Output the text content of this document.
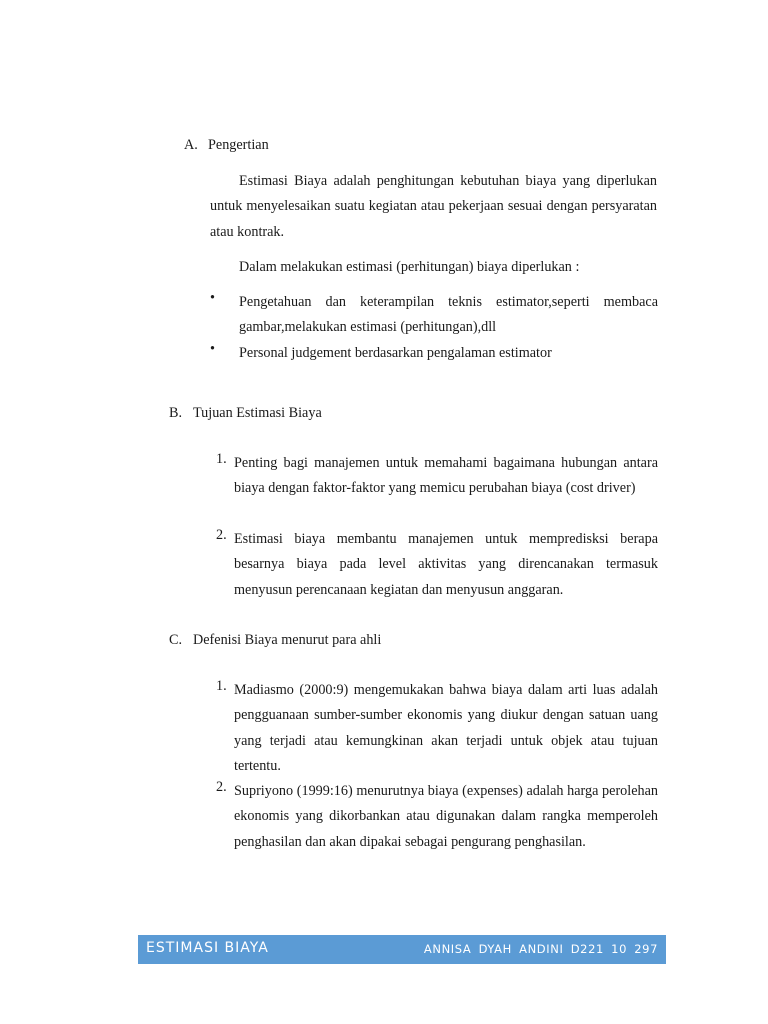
A. Pengertian

Estimasi Biaya adalah penghitungan kebutuhan biaya yang diperlukan untuk menyelesaikan suatu kegiatan atau pekerjaan sesuai dengan persyaratan atau kontrak.

Dalam melakukan estimasi (perhitungan) biaya diperlukan :

• Pengetahuan dan keterampilan teknis estimator,seperti membaca gambar,melakukan estimasi (perhitungan),dll
• Personal judgement berdasarkan pengalaman estimator
B. Tujuan Estimasi Biaya
1. Penting bagi manajemen untuk memahami bagaimana hubungan antara biaya dengan faktor-faktor yang memicu perubahan biaya (cost driver)
2. Estimasi biaya membantu manajemen untuk mempredisksi berapa besarnya biaya pada level aktivitas yang direncanakan termasuk menyusun perencanaan kegiatan dan menyusun anggaran.
C. Defenisi Biaya menurut para ahli
1. Madiasmo (2000:9) mengemukakan bahwa biaya dalam arti luas adalah pengguanaan sumber-sumber ekonomis yang diukur dengan satuan uang yang terjadi atau kemungkinan akan terjadi untuk objek atau tujuan tertentu.
2. Supriyono (1999:16) menurutnya biaya (expenses) adalah harga perolehan ekonomis yang dikorbankan atau digunakan dalam rangka memperoleh penghasilan dan akan dipakai sebagai pengurang penghasilan.
ESTIMASI BIAYA	ANNISA DYAH ANDINI D221 10 297
